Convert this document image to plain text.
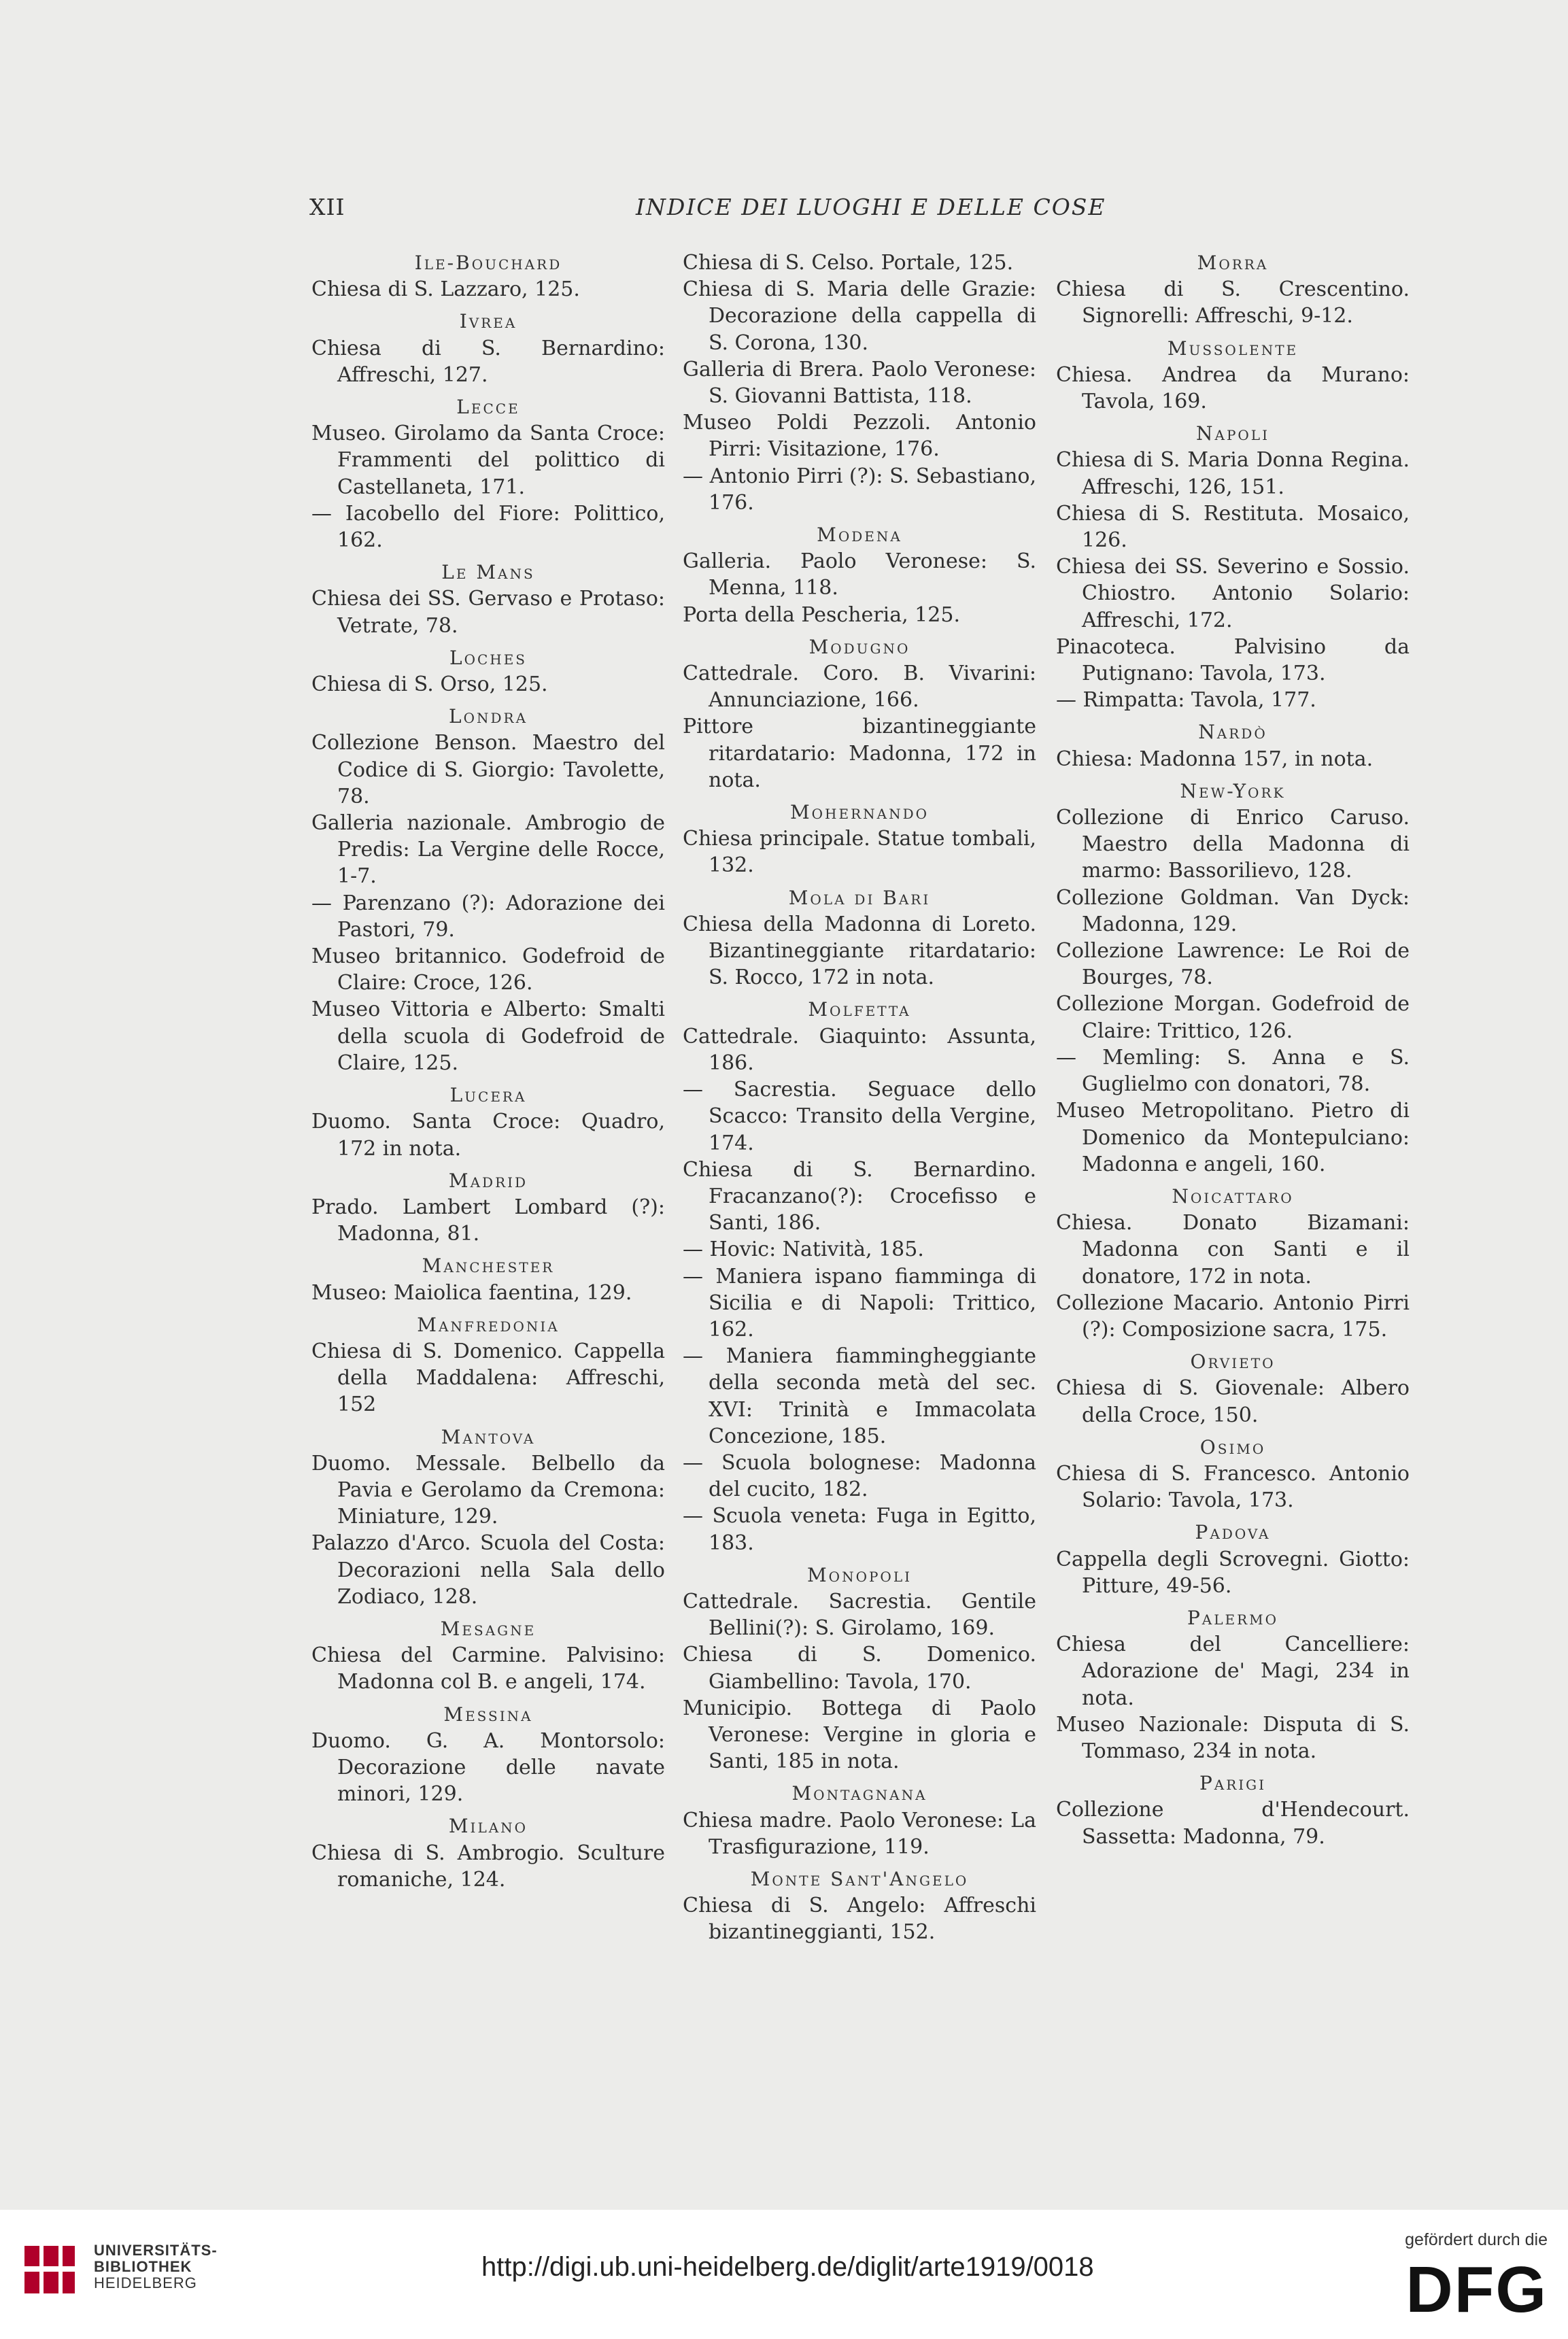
XII	INDICE DEI LUOGHI E DELLE COSE
Ile-Bouchard

Chiesa di S. Lazzaro, 125.

Ivrea

Chiesa di S. Bernardino: Affreschi, 127.

Lecce

Museo. Girolamo da Santa Croce: Frammenti del polittico di Castellaneta, 171.

— Iacobello del Fiore: Polittico, 162.

Le Mans

Chiesa dei SS. Gervaso e Protaso: Vetrate, 78.

Loches

Chiesa di S. Orso, 125.

Londra

Collezione Benson. Maestro del Codice di S. Giorgio: Tavolette, 78.

Galleria nazionale. Ambrogio de Predis: La Vergine delle Rocce, 1-7.

— Parenzano (?): Adorazione dei Pastori, 79.

Museo britannico. Godefroid de Claire: Croce, 126.

Museo Vittoria e Alberto: Smalti della scuola di Godefroid de Claire, 125.

Lucera

Duomo. Santa Croce: Quadro, 172 in nota.

Madrid

Prado. Lambert Lombard (?): Madonna, 81.

Manchester

Museo: Maiolica faentina, 129.

Manfredonia

Chiesa di S. Domenico. Cappella della Maddalena: Affreschi, 152

Mantova

Duomo. Messale. Belbello da Pavia e Gerolamo da Cremona: Miniature, 129.

Palazzo d'Arco. Scuola del Costa: Decorazioni nella Sala dello Zodiaco, 128.

Mesagne

Chiesa del Carmine. Palvisino: Madonna col B. e angeli, 174.

Messina

Duomo. G. A. Montorsolo: Decorazione delle navate minori, 129.

Milano

Chiesa di S. Ambrogio. Sculture romaniche, 124.

Chiesa di S. Celso. Portale, 125.

Chiesa di S. Maria delle Grazie: Decorazione della cappella di S. Corona, 130.

Galleria di Brera. Paolo Veronese: S. Giovanni Battista, 118.

Museo Poldi Pezzoli. Antonio Pirri: Visitazione, 176.

— Antonio Pirri (?): S. Sebastiano, 176.

Modena

Galleria. Paolo Veronese: S. Menna, 118.

Porta della Pescheria, 125.

Modugno

Cattedrale. Coro. B. Vivarini: Annunciazione, 166.

Pittore bizantineggiante ritardatario: Madonna, 172 in nota.

Mohernando

Chiesa principale. Statue tombali, 132.

Mola di Bari

Chiesa della Madonna di Loreto. Bizantineggiante ritardatario: S. Rocco, 172 in nota.

Molfetta

Cattedrale. Giaquinto: Assunta, 186.

— Sacrestia. Seguace dello Scacco: Transito della Vergine, 174.

Chiesa di S. Bernardino. Fracanzano(?): Crocefisso e Santi, 186.

— Hovic: Natività, 185.

— Maniera ispano fiamminga di Sicilia e di Napoli: Trittico, 162.

— Maniera fiammingheggiante della seconda metà del sec. XVI: Trinità e Immacolata Concezione, 185.

— Scuola bolognese: Madonna del cucito, 182.

— Scuola veneta: Fuga in Egitto, 183.

Monopoli

Cattedrale. Sacrestia. Gentile Bellini(?): S. Girolamo, 169.

Chiesa di S. Domenico. Giambellino: Tavola, 170.

Municipio. Bottega di Paolo Veronese: Vergine in gloria e Santi, 185 in nota.

Montagnana

Chiesa madre. Paolo Veronese: La Trasfigurazione, 119.

Monte Sant'Angelo

Chiesa di S. Angelo: Affreschi bizantineggianti, 152.

Morra

Chiesa di S. Crescentino. Signorelli: Affreschi, 9-12.

Mussolente

Chiesa. Andrea da Murano: Tavola, 169.

Napoli

Chiesa di S. Maria Donna Regina. Affreschi, 126, 151.

Chiesa di S. Restituta. Mosaico, 126.

Chiesa dei SS. Severino e Sossio. Chiostro. Antonio Solario: Affreschi, 172.

Pinacoteca. Palvisino da Putignano: Tavola, 173.

— Rimpatta: Tavola, 177.

Nardò

Chiesa: Madonna 157, in nota.

New-York

Collezione di Enrico Caruso. Maestro della Madonna di marmo: Bassorilievo, 128.

Collezione Goldman. Van Dyck: Madonna, 129.

Collezione Lawrence: Le Roi de Bourges, 78.

Collezione Morgan. Godefroid de Claire: Trittico, 126.

— Memling: S. Anna e S. Guglielmo con donatori, 78.

Museo Metropolitano. Pietro di Domenico da Montepulciano: Madonna e angeli, 160.

Noicattaro

Chiesa. Donato Bizamani: Madonna con Santi e il donatore, 172 in nota.

Collezione Macario. Antonio Pirri (?): Composizione sacra, 175.

Orvieto

Chiesa di S. Giovenale: Albero della Croce, 150.

Osimo

Chiesa di S. Francesco. Antonio Solario: Tavola, 173.

Padova

Cappella degli Scrovegni. Giotto: Pitture, 49-56.

Palermo

Chiesa del Cancelliere: Adorazione de' Magi, 234 in nota.

Museo Nazionale: Disputa di S. Tommaso, 234 in nota.

Parigi

Collezione d'Hendecourt. Sassetta: Madonna, 79.

UNIVERSITÄTS-
BIBLIOTHEK
HEIDELBERG
http://digi.ub.uni-heidelberg.de/diglit/arte1919/0018
gefördert durch die
DFG
